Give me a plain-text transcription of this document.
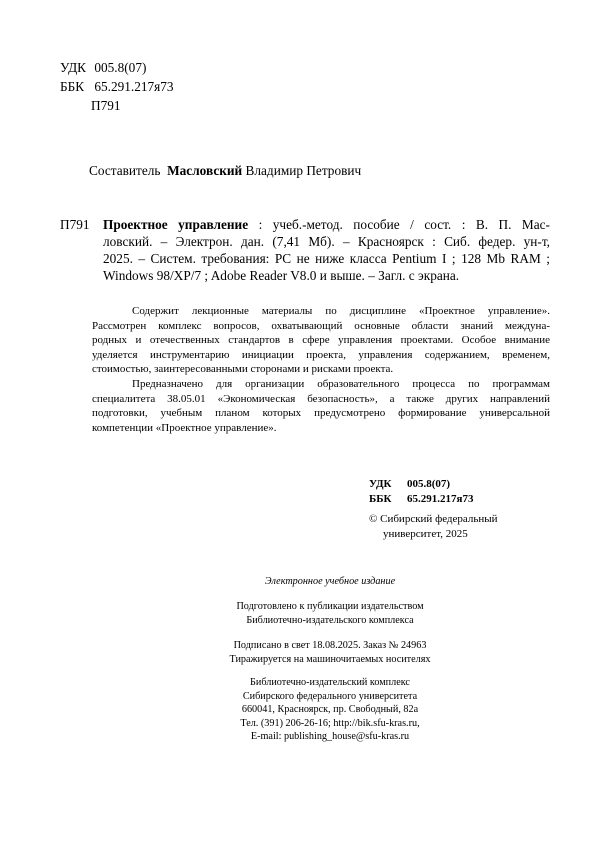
УДК 005.8(07)
ББК 65.291.217я73
П791
Составитель Масловский Владимир Петрович
П791 Проектное управление : учеб.-метод. пособие / сост. : В. П. Мас-
ловский. – Электрон. дан. (7,41 Мб). – Красноярск : Сиб. федер. ун-т,
2025. – Систем. требования: PC не ниже класса Pentium I ; 128 Mb RAM ;
Windows 98/XP/7 ; Adobe Reader V8.0 и выше. – Загл. с экрана.
Содержит лекционные материалы по дисциплине «Проектное управление».
Рассмотрен комплекс вопросов, охватывающий основные области знаний междуна-
родных и отечественных стандартов в сфере управления проектами. Особое внимание
уделяется инструментарию инициации проекта, управления содержанием, временем,
стоимостью, заинтересованными сторонами и рисками проекта.
Предназначено для организации образовательного процесса по программам
специалитета 38.05.01 «Экономическая безопасность», а также других направлений
подготовки, учебным планом которых предусмотрено формирование универсальной
компетенции «Проектное управление».
УДК 005.8(07)
ББК 65.291.217я73
© Сибирский федеральный
университет, 2025
Электронное учебное издание
Подготовлено к публикации издательством
Библиотечно-издательского комплекса
Подписано в свет 18.08.2025. Заказ № 24963
Тиражируется на машиночитаемых носителях
Библиотечно-издательский комплекс
Сибирского федерального университета
660041, Красноярск, пр. Свободный, 82а
Тел. (391) 206-26-16; http://bik.sfu-kras.ru,
E-mail: publishing_house@sfu-kras.ru
